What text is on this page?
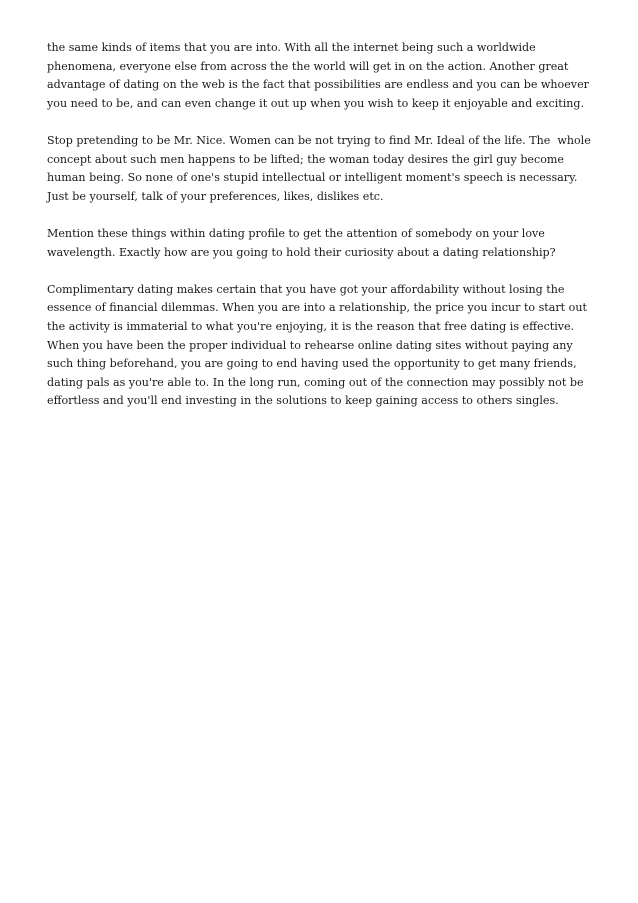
the same kinds of items that you are into. With all the internet being such a worldwide phenomena, everyone else from across the the world will get in on the action. Another great advantage of dating on the web is the fact that possibilities are endless and you can be whoever you need to be, and can even change it out up when you wish to keep it enjoyable and exciting.

Stop pretending to be Mr. Nice. Women can be not trying to find Mr. Ideal of the life. The  whole concept about such men happens to be lifted; the woman today desires the girl guy become human being. So none of one's stupid intellectual or intelligent moment's speech is necessary. Just be yourself, talk of your preferences, likes, dislikes etc.

Mention these things within dating profile to get the attention of somebody on your love wavelength. Exactly how are you going to hold their curiosity about a dating relationship?

Complimentary dating makes certain that you have got your affordability without losing the essence of financial dilemmas. When you are into a relationship, the price you incur to start out the activity is immaterial to what you're enjoying, it is the reason that free dating is effective. When you have been the proper individual to rehearse online dating sites without paying any such thing beforehand, you are going to end having used the opportunity to get many friends, dating pals as you're able to. In the long run, coming out of the connection may possibly not be effortless and you'll end investing in the solutions to keep gaining access to others singles.
